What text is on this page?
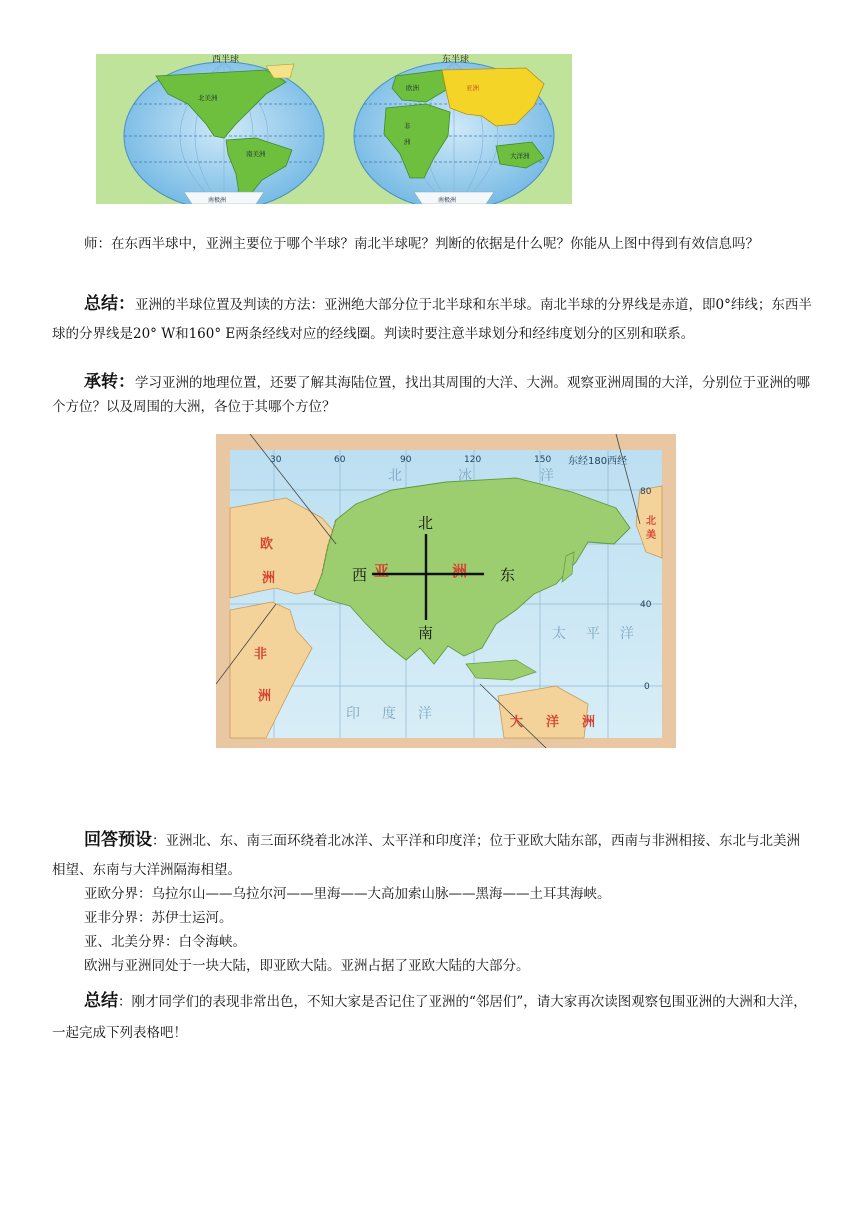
西半球	东半球
北美洲
南美洲
南极洲
欧洲
非
洲
亚洲
大洋洲
南极洲
师：在东西半球中，亚洲主要位于哪个半球？南北半球呢？判断的依据是什么呢？你能从上图中得到有效信息吗？
总结：亚洲的半球位置及判读的方法：亚洲绝大部分位于北半球和东半球。南北半球的分界线是赤道，即0°纬线；东西半球的分界线是20° W和160° E两条经线对应的经线圈。判读时要注意半球划分和经纬度划分的区别和联系。
承转：学习亚洲的地理位置，还要了解其海陆位置，找出其周围的大洋、大洲。观察亚洲周围的大洋，分别位于亚洲的哪个方位？以及周围的大洲，各位于其哪个方位？
30	60	90	120	150 东经180西经
80
40
0
北	冰	洋
太 平 洋
印 度 洋
欧
洲
非
洲
大 洋 洲
北
美
亚	洲
北
南
西	东
回答预设：亚洲北、东、南三面环绕着北冰洋、太平洋和印度洋；位于亚欧大陆东部，西南与非洲相接、东北与北美洲相望、东南与大洋洲隔海相望。
亚欧分界：乌拉尔山——乌拉尔河——里海——大高加索山脉——黑海——土耳其海峡。
亚非分界：苏伊士运河。
亚、北美分界：白令海峡。
欧洲与亚洲同处于一块大陆，即亚欧大陆。亚洲占据了亚欧大陆的大部分。
总结：刚才同学们的表现非常出色，不知大家是否记住了亚洲的“邻居们”，请大家再次读图观察包围亚洲的大洲和大洋，一起完成下列表格吧！
